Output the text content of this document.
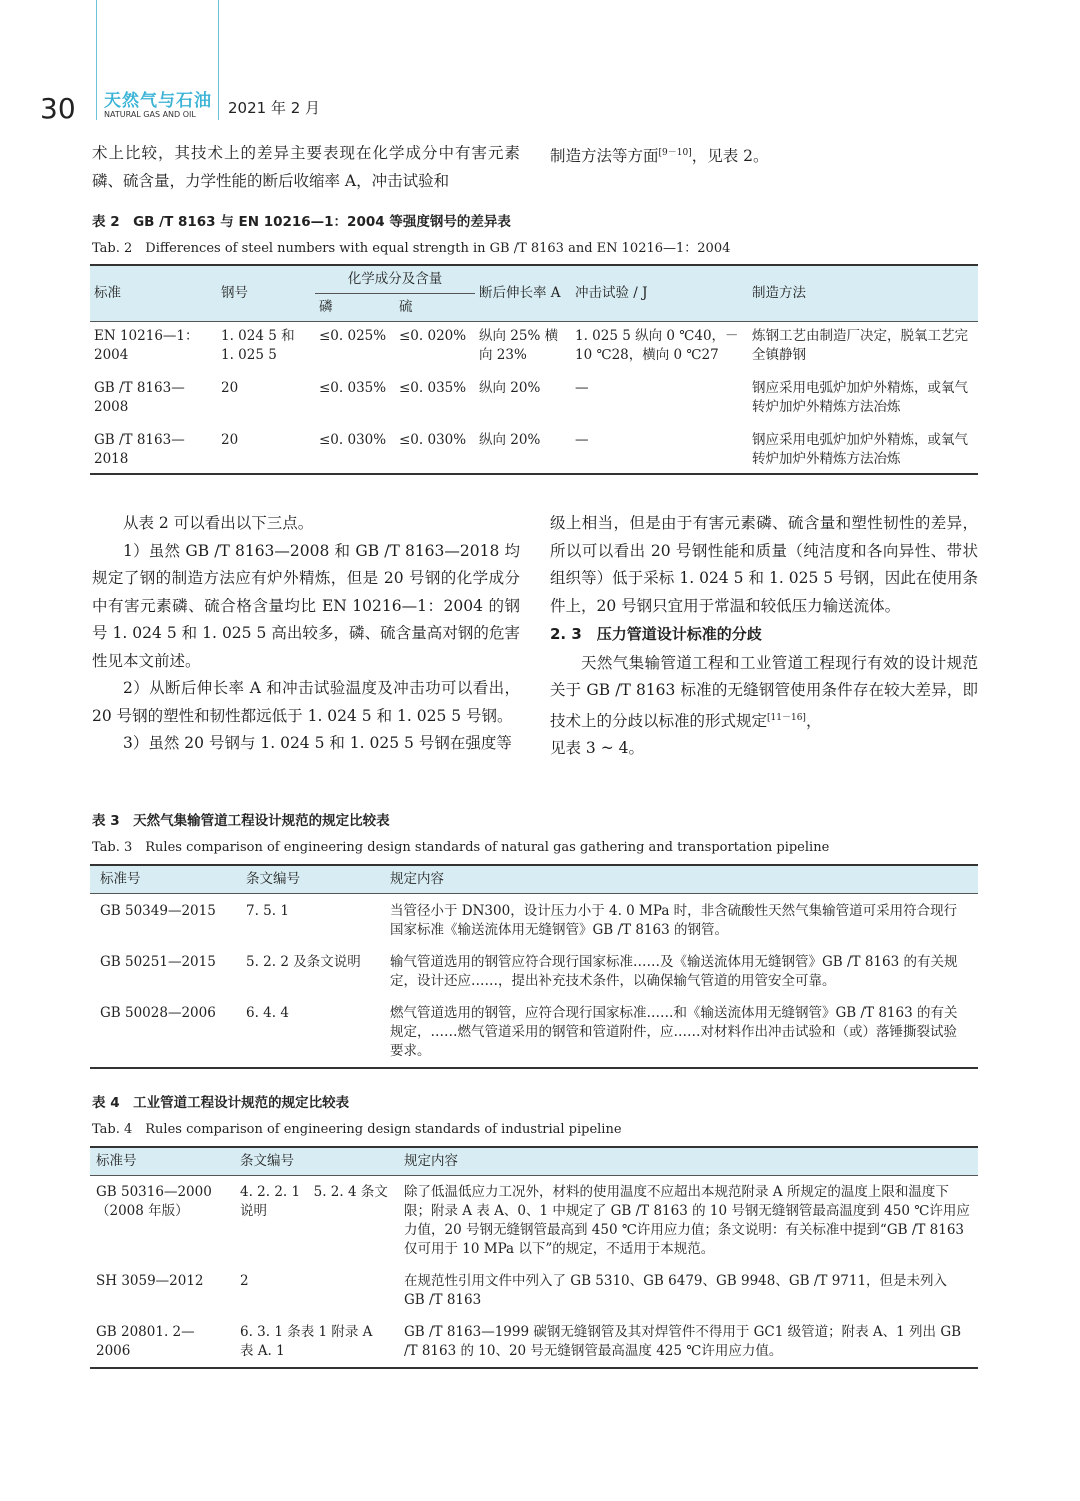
30 天然气与石油
NATURAL GAS AND OIL 2021 年 2 月

术上比较，其技术上的差异主要表现在化学成分中有害元素磷、硫含量，力学性能的断后收缩率 A，冲击试验和

制造方法等方面[9－10]，见表 2。

表 2　GB /T 8163 与 EN 10216—1：2004 等强度钢号的差异表
Tab. 2　Differences of steel numbers with equal strength in GB /T 8163 and EN 10216—1：2004
标准	钢号	化学成分及含量		断后伸长率 A	冲击试验 / J	制造方法
		磷	硫			
EN 10216—1：2004	1. 024 5 和 1. 025 5	≤0. 025%	≤0. 020%	纵向 25% 横向 23%	1. 025 5 纵向 0 ℃40，－10 ℃28，横向 0 ℃27	炼钢工艺由制造厂决定，脱氧工艺完全镇静钢
GB /T 8163—2008	20	≤0. 035%	≤0. 035%	纵向 20%	—	钢应采用电弧炉加炉外精炼，或氧气转炉加炉外精炼方法冶炼
GB /T 8163—2018	20	≤0. 030%	≤0. 030%	纵向 20%	—	钢应采用电弧炉加炉外精炼，或氧气转炉加炉外精炼方法冶炼

从表 2 可以看出以下三点。

1）虽然 GB /T 8163—2008 和 GB /T 8163—2018 均规定了钢的制造方法应有炉外精炼，但是 20 号钢的化学成分中有害元素磷、硫合格含量均比 EN 10216—1：2004 的钢号 1. 024 5 和 1. 025 5 高出较多，磷、硫含量高对钢的危害性见本文前述。

2）从断后伸长率 A 和冲击试验温度及冲击功可以看出，20 号钢的塑性和韧性都远低于 1. 024 5 和 1. 025 5 号钢。

3）虽然 20 号钢与 1. 024 5 和 1. 025 5 号钢在强度等

级上相当，但是由于有害元素磷、硫含量和塑性韧性的差异，所以可以看出 20 号钢性能和质量（纯洁度和各向异性、带状组织等）低于采标 1. 024 5 和 1. 025 5 号钢，因此在使用条件上，20 号钢只宜用于常温和较低压力输送流体。

2. 3　压力管道设计标准的分歧

天然气集输管道工程和工业管道工程现行有效的设计规范关于 GB /T 8163 标准的无缝钢管使用条件存在较大差异，即技术上的分歧以标准的形式规定[11－16]，

见表 3 ~ 4。

表 3　天然气集输管道工程设计规范的规定比较表
Tab. 3　Rules comparison of engineering design standards of natural gas gathering and transportation pipeline
标准号	条文编号	规定内容
GB 50349—2015	7. 5. 1	当管径小于 DN300，设计压力小于 4. 0 MPa 时，非含硫酸性天然气集输管道可采用符合现行国家标准《输送流体用无缝钢管》GB /T 8163 的钢管。
GB 50251—2015	5. 2. 2 及条文说明	输气管道选用的钢管应符合现行国家标准……及《输送流体用无缝钢管》GB /T 8163 的有关规定，设计还应……，提出补充技术条件，以确保输气管道的用管安全可靠。
GB 50028—2006	6. 4. 4	燃气管道选用的钢管，应符合现行国家标准……和《输送流体用无缝钢管》GB /T 8163 的有关规定，……燃气管道采用的钢管和管道附件，应……对材料作出冲击试验和（或）落锤撕裂试验要求。
表 4　工业管道工程设计规范的规定比较表
Tab. 4　Rules comparison of engineering design standards of industrial pipeline
标准号	条文编号	规定内容
GB 50316—2000 （2008 年版）	4. 2. 2. 1　5. 2. 4 条文说明	除了低温低应力工况外，材料的使用温度不应超出本规范附录 A 所规定的温度上限和温度下限；附录 A 表 A、0、1 中规定了 GB /T 8163 的 10 号钢无缝钢管最高温度到 450 ℃许用应力值，20 号钢无缝钢管最高到 450 ℃许用应力值；条文说明：有关标准中提到“GB /T 8163 仅可用于 10 MPa 以下”的规定，不适用于本规范。
SH 3059—2012	2	在规范性引用文件中列入了 GB 5310、GB 6479、GB 9948、GB /T 9711，但是未列入 GB /T 8163
GB 20801. 2—2006	6. 3. 1 条表 1 附录 A 表 A. 1	GB /T 8163—1999 碳钢无缝钢管及其对焊管件不得用于 GC1 级管道；附表 A、1 列出 GB /T 8163 的 10、20 号无缝钢管最高温度 425 ℃许用应力值。
